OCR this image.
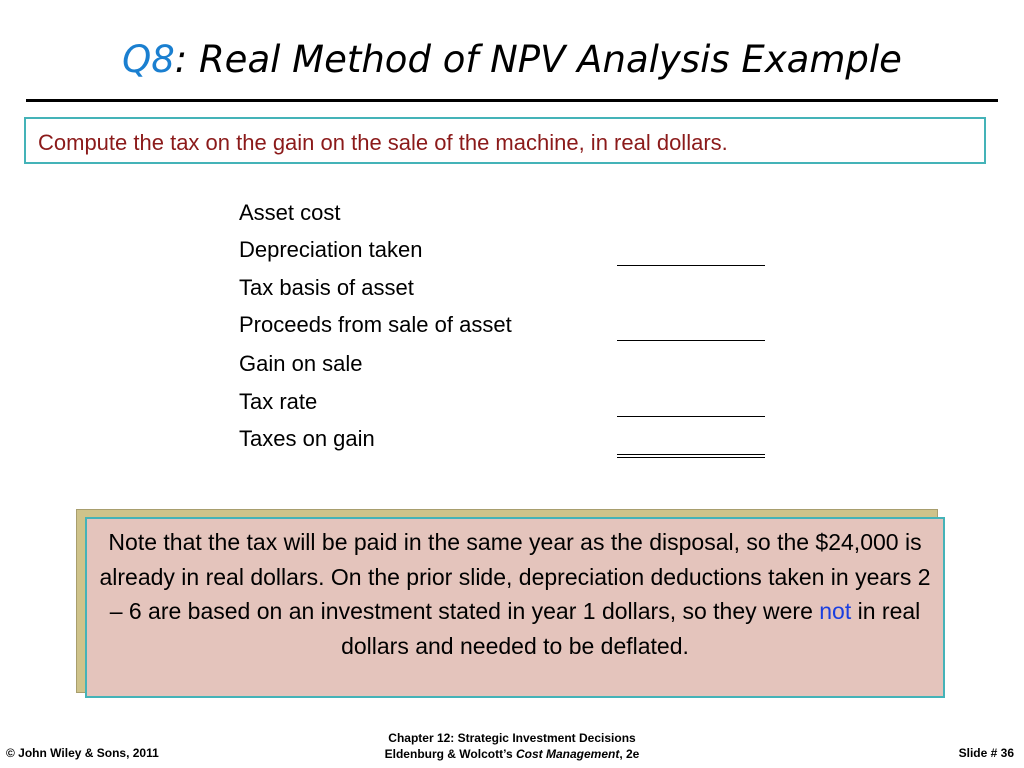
Q8: Real Method of NPV Analysis Example
Compute the tax on the gain on the sale of the machine, in real dollars.
Asset cost
Depreciation taken
Tax basis of asset
Proceeds from sale of asset
Gain on sale
Tax rate
Taxes on gain
Note that the tax will be paid in the same year as the disposal, so the $24,000 is already in real dollars. On the prior slide, depreciation deductions taken in years 2 – 6 are based on an investment stated in year 1 dollars, so they were not in real dollars and needed to be deflated.
© John Wiley & Sons, 2011
Chapter 12: Strategic Investment Decisions
Eldenburg & Wolcott’s Cost Management, 2e	Slide # 36
